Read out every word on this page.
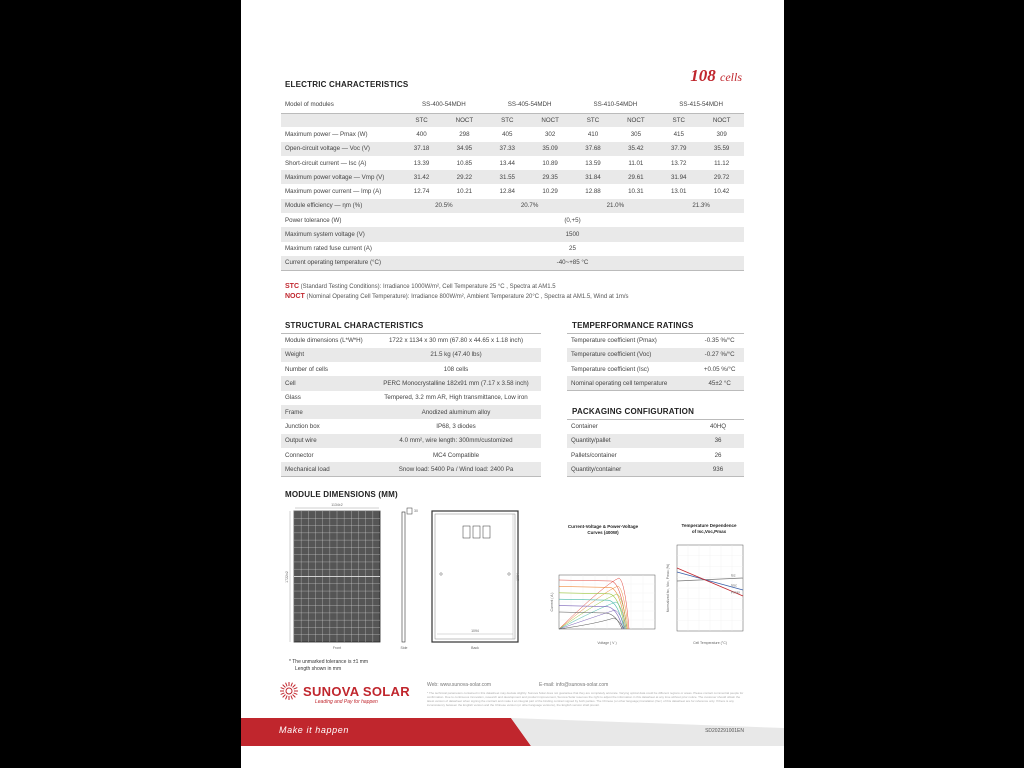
ELECTRIC CHARACTERISTICS	108 cells
Model of modules	SS-400-54MDH		SS-405-54MDH		SS-410-54MDH		SS-415-54MDH	
	STC	NOCT	STC	NOCT	STC	NOCT	STC	NOCT
Maximum power — Pmax (W)	400	298	405	302	410	305	415	309
Open-circuit voltage — Voc (V)	37.18	34.95	37.33	35.09	37.68	35.42	37.79	35.59
Short-circuit current — Isc (A)	13.39	10.85	13.44	10.89	13.59	11.01	13.72	11.12
Maximum power voltage — Vmp (V)	31.42	29.22	31.55	29.35	31.84	29.61	31.94	29.72
Maximum power current — Imp (A)	12.74	10.21	12.84	10.29	12.88	10.31	13.01	10.42
Module efficiency — ηm (%)	20.5%		20.7%		21.0%		21.3%	
Power tolerance (W)	(0,+5)							
Maximum system voltage (V)	1500							
Maximum rated fuse current (A)	25							
Current operating temperature (°C)	-40~+85 °C							
STC (Standard Testing Conditions): Irradiance 1000W/m², Cell Temperature 25 °C , Spectra at AM1.5
NOCT (Nominal Operating Cell Temperature): Irradiance 800W/m², Ambient Temperature 20°C , Spectra at AM1.5, Wind at 1m/s
STRUCTURAL CHARACTERISTICS
Module dimensions (L*W*H)	1722 x 1134 x 30 mm (67.80 x 44.65 x 1.18 inch)
Weight	21.5 kg (47.40 lbs)
Number of cells	108 cells
Cell	PERC Monocrystalline 182x91 mm (7.17 x 3.58 inch)
Glass	Tempered, 3.2 mm AR, High transmittance, Low iron
Frame	Anodized aluminum alloy
Junction box	IP68, 3 diodes
Output wire	4.0 mm², wire length: 300mm/customized
Connector	MC4 Compatible
Mechanical load	Snow load: 5400 Pa / Wind load: 2400 Pa
TEMPERFORMANCE RATINGS
Temperature coefficient (Pmax)	-0.35 %/°C
Temperature coefficient (Voc)	-0.27 %/°C
Temperature coefficient (Isc)	+0.05 %/°C
Nominal operating cell temperature	45±2 °C
PACKAGING CONFIGURATION
Container	40HQ
Quantity/pallet	36
Pallets/container	26
Quantity/container	936
MODULE DIMENSIONS (MM)
1134±2
1722±2
Front
30
Side
1064
1094
Back
* The unmarked tolerance is ±1 mm
Length shown in mm
Current-Voltage & Power-Voltage
Curves (400W)
Current ( A )
Voltage ( V )
Temperature Dependence
of Isc,Voc,Pmax
Isc
Voc
Pmax
Normalized Isc, Voc, Pmax (%)
Cell Temperature (°C)
SUNOVA SOLAR
Leading and Pay for happen
Web: www.sunova-solar.com	E-mail: info@sunova-solar.com
* The technical parameters contained in this datasheet may deviate slightly. Sunova Solar does not guarantee that they are completely accurate. Varying optical data could be different regions or areas. Please contact commercial people for confirmation. Due to continuous innovation, research and development and product improvement, Sunova Solar reserves the right to adjust the information in this datasheet at any time without prior notice. The customer should obtain the latest version of datasheet when signing the contract and make it an integral part of the binding contract signed by both parties. The Chinese (or other language) translation (Ver.) of this datasheet are for reference only. If there is any inconsistency between the English version and the Chinese version (or other language versions), the English version shall prevail.
Make it happen	SD202291001EN
